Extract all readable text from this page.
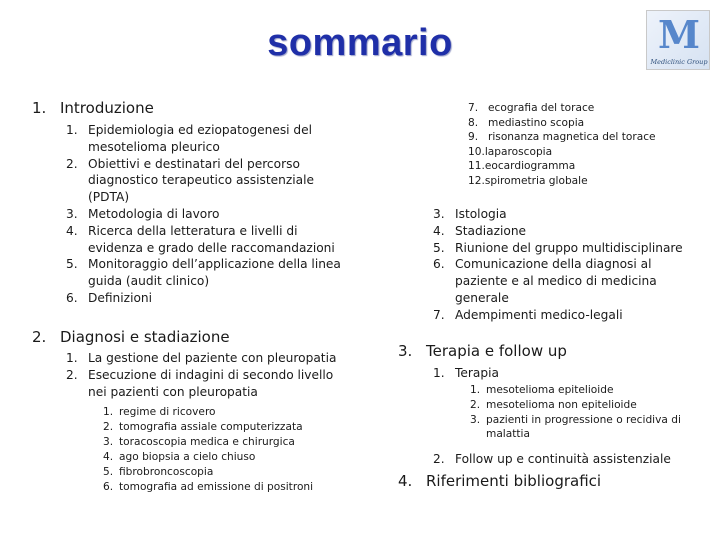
sommario	M
Mediclinic Group
1. Introduzione
1. Epidemiologia ed eziopatogenesi del mesotelioma pleurico
2. Obiettivi e destinatari del percorso diagnostico terapeutico assistenziale (PDTA)
3. Metodologia di lavoro
4. Ricerca della letteratura e livelli di evidenza e grado delle raccomandazioni
5. Monitoraggio dell’applicazione della linea guida (audit clinico)
6. Definizioni
2. Diagnosi e stadiazione
1. La gestione del paziente con pleuropatia
2. Esecuzione di indagini di secondo livello nei pazienti con pleuropatia
1. regime di ricovero
2. tomografia assiale computerizzata
3. toracoscopia medica e chirurgica
4. ago biopsia a cielo chiuso
5. fibrobroncoscopia
6. tomografia ad emissione di positroni
7. ecografia del torace
8. mediastino scopia
9. risonanza magnetica del torace
10.laparoscopia
11.eocardiogramma
12.spirometria globale
3. Istologia
4. Stadiazione
5. Riunione del gruppo multidisciplinare
6. Comunicazione della diagnosi al paziente e al medico di medicina generale
7. Adempimenti medico-legali
3. Terapia e follow up
1. Terapia
1. mesotelioma epitelioide
2. mesotelioma non epitelioide
3. pazienti in progressione o recidiva di malattia
2. Follow up e continuità assistenziale
4. Riferimenti bibliografici
